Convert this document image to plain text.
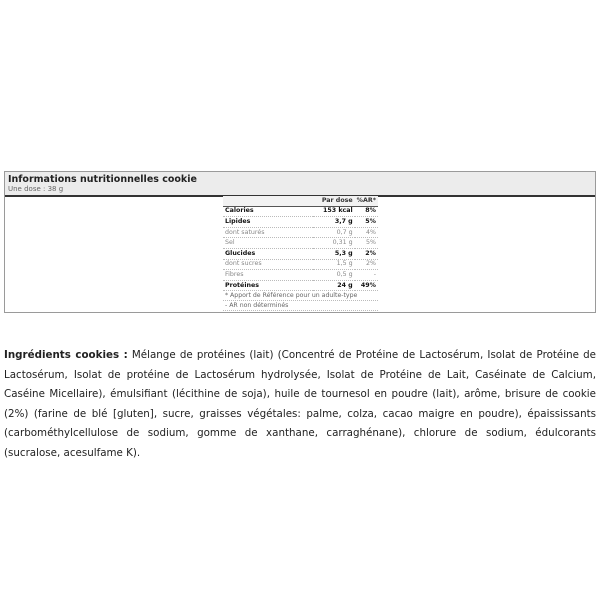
Informations nutritionnelles cookie
Une dose : 38 g
	Par dose	%AR*
Calories	153 kcal	8%
Lipides	3,7 g	5%
dont saturés	0,7 g	4%
Sel	0,31 g	5%
Glucides	5,3 g	2%
dont sucres	1,5 g	2%
Fibres	0,5 g	-
Protéines	24 g	49%
* Apport de Référence pour un adulte-type
- AR non déterminés

Ingrédients cookies : Mélange de protéines (lait) (Concentré de Protéine de Lactosérum, Isolat de Protéine de Lactosérum, Isolat de protéine de Lactosérum hydrolysée, Isolat de Protéine de Lait, Caséinate de Calcium, Caséine Micellaire), émulsifiant (lécithine de soja), huile de tournesol en poudre (lait), arôme, brisure de cookie (2%) (farine de blé [gluten], sucre, graisses végétales: palme, colza, cacao maigre en poudre), épaississants (carbométhylcellulose de sodium, gomme de xanthane, carraghénane), chlorure de sodium, édulcorants (sucralose, acesulfame K).
